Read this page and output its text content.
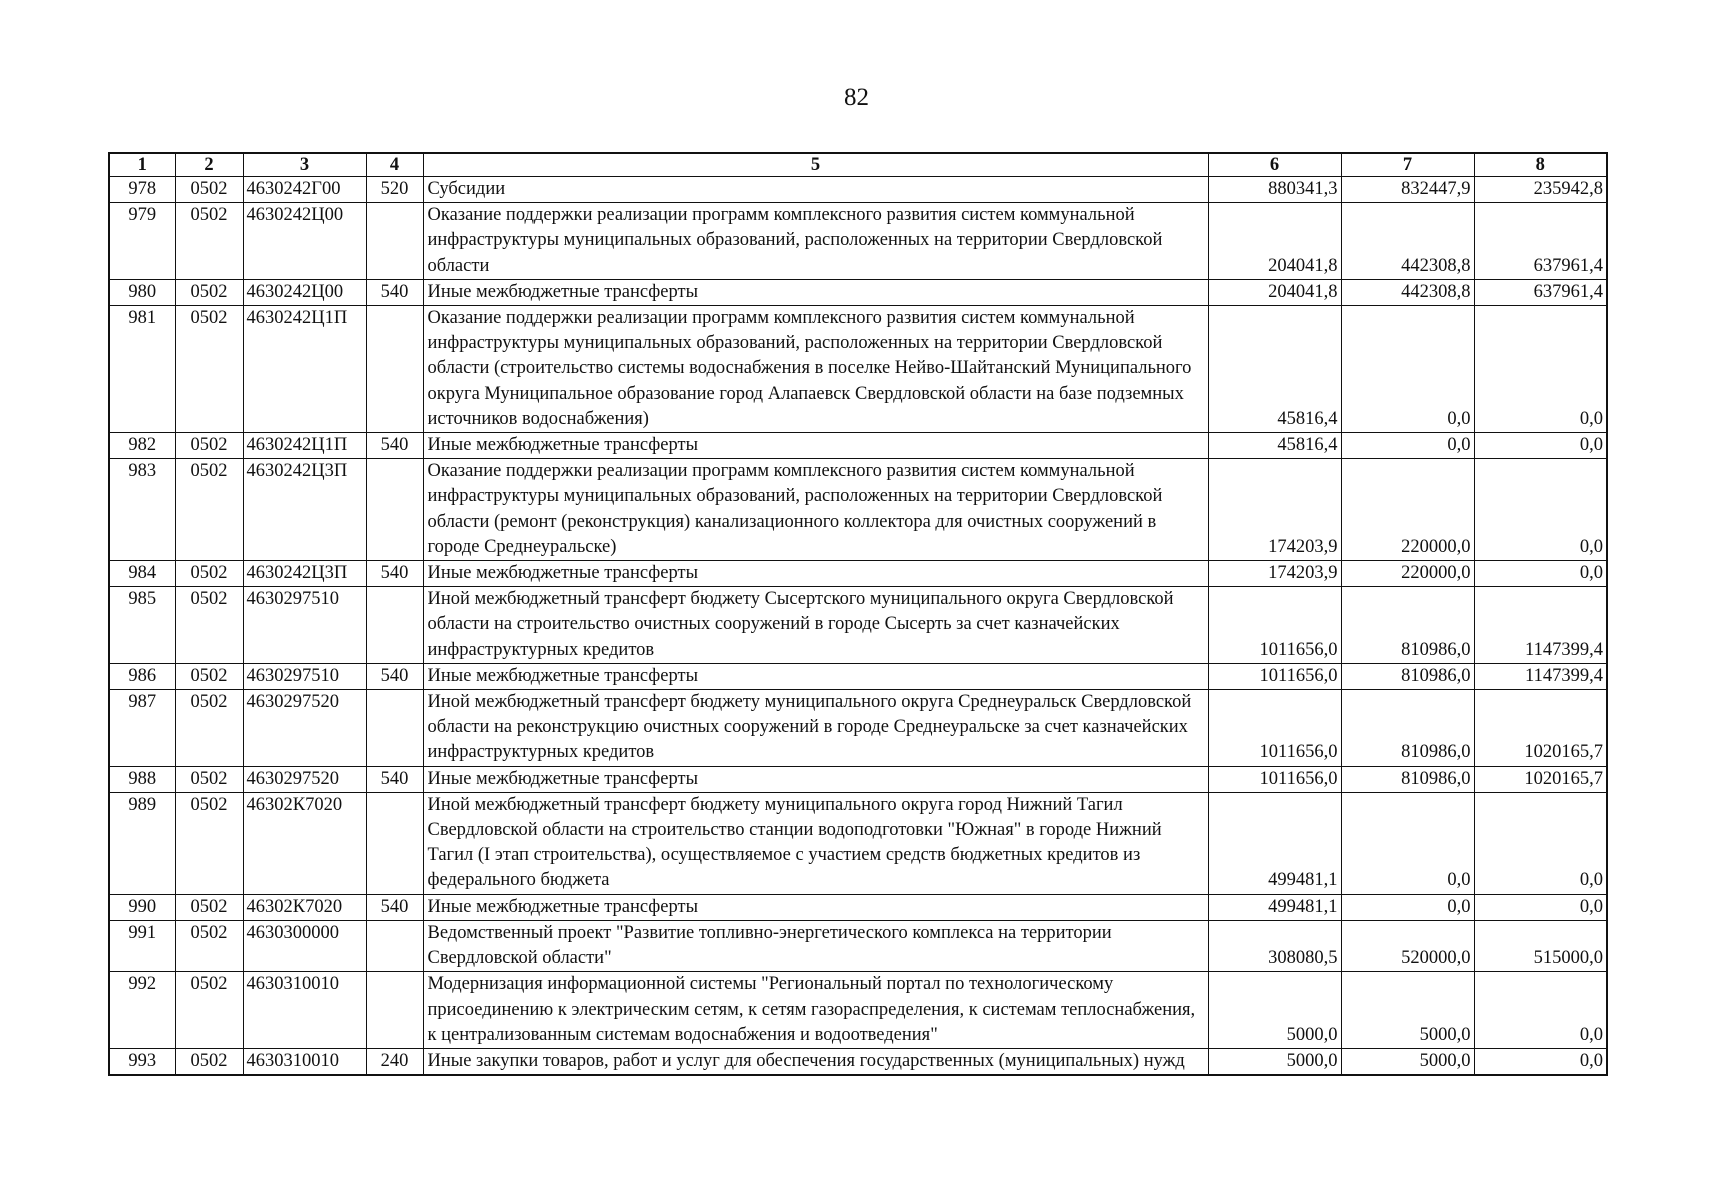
82
1	2	3	4	5	6	7	8
978	0502	4630242Г00	520	Субсидии	880341,3	832447,9	235942,8
979	0502	4630242Ц00		Оказание поддержки реализации программ комплексного развития систем коммунальной инфраструктуры муниципальных образований, расположенных на территории Свердловской области	204041,8	442308,8	637961,4
980	0502	4630242Ц00	540	Иные межбюджетные трансферты	204041,8	442308,8	637961,4
981	0502	4630242Ц1П		Оказание поддержки реализации программ комплексного развития систем коммунальной инфраструктуры муниципальных образований, расположенных на территории Свердловской области (строительство системы водоснабжения в поселке Нейво-Шайтанский Муниципального округа Муниципальное образование город Алапаевск Свердловской области на базе подземных источников водоснабжения)	45816,4	0,0	0,0
982	0502	4630242Ц1П	540	Иные межбюджетные трансферты	45816,4	0,0	0,0
983	0502	4630242Ц3П		Оказание поддержки реализации программ комплексного развития систем коммунальной инфраструктуры муниципальных образований, расположенных на территории Свердловской области (ремонт (реконструкция) канализационного коллектора для очистных сооружений в городе Среднеуральске)	174203,9	220000,0	0,0
984	0502	4630242Ц3П	540	Иные межбюджетные трансферты	174203,9	220000,0	0,0
985	0502	4630297510		Иной межбюджетный трансферт бюджету Сысертского муниципального округа Свердловской области на строительство очистных сооружений в городе Сысерть за счет казначейских инфраструктурных кредитов	1011656,0	810986,0	1147399,4
986	0502	4630297510	540	Иные межбюджетные трансферты	1011656,0	810986,0	1147399,4
987	0502	4630297520		Иной межбюджетный трансферт бюджету муниципального округа Среднеуральск Свердловской области на реконструкцию очистных сооружений в городе Среднеуральске за счет казначейских инфраструктурных кредитов	1011656,0	810986,0	1020165,7
988	0502	4630297520	540	Иные межбюджетные трансферты	1011656,0	810986,0	1020165,7
989	0502	46302К7020		Иной межбюджетный трансферт бюджету муниципального округа город Нижний Тагил Свердловской области на строительство станции водоподготовки "Южная" в городе Нижний Тагил (I этап строительства), осуществляемое с участием средств бюджетных кредитов из федерального бюджета	499481,1	0,0	0,0
990	0502	46302К7020	540	Иные межбюджетные трансферты	499481,1	0,0	0,0
991	0502	4630300000		Ведомственный проект "Развитие топливно-энергетического комплекса на территории Свердловской области"	308080,5	520000,0	515000,0
992	0502	4630310010		Модернизация информационной системы "Региональный портал по технологическому присоединению к электрическим сетям, к сетям газораспределения, к системам теплоснабжения, к централизованным системам водоснабжения и водоотведения"	5000,0	5000,0	0,0
993	0502	4630310010	240	Иные закупки товаров, работ и услуг для обеспечения государственных (муниципальных) нужд	5000,0	5000,0	0,0
